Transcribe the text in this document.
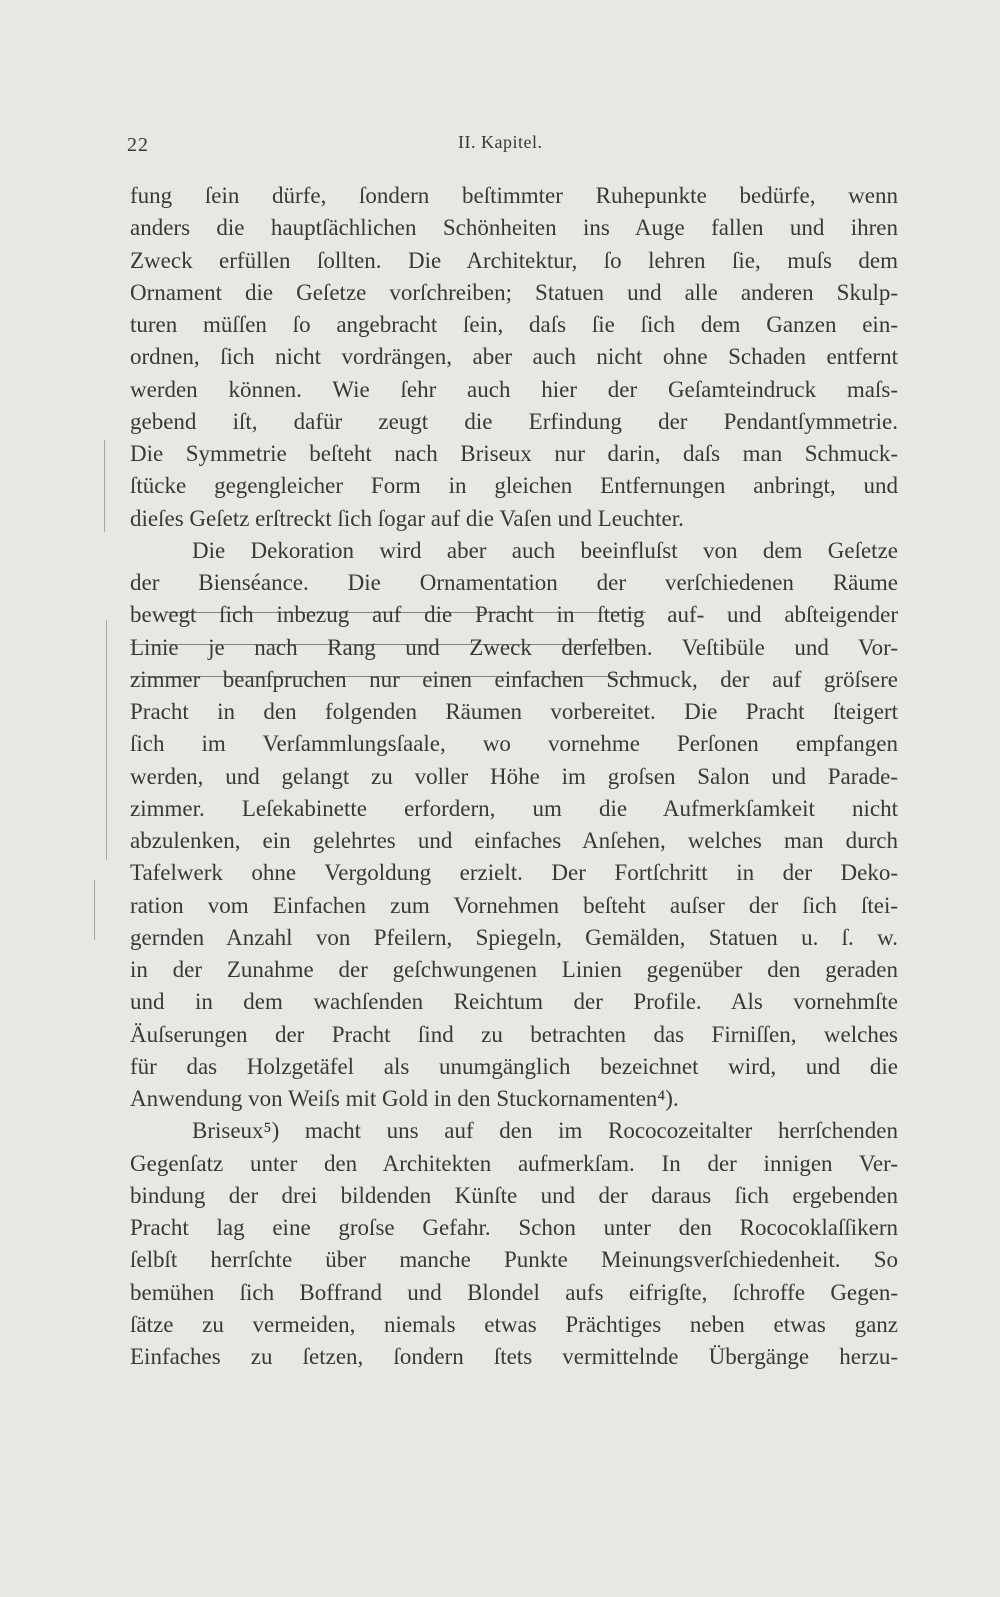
22	II. Kapitel.
fung ſein dürfe, ſondern beſtimmter Ruhepunkte bedürfe, wenn
anders die hauptſächlichen Schönheiten ins Auge fallen und ihren
Zweck erfüllen ſollten. Die Architektur, ſo lehren ſie, muſs dem
Ornament die Geſetze vorſchreiben; Statuen und alle anderen Skulp-
turen müſſen ſo angebracht ſein, daſs ſie ſich dem Ganzen ein-
ordnen, ſich nicht vordrängen, aber auch nicht ohne Schaden entfernt
werden können. Wie ſehr auch hier der Geſamteindruck maſs-
gebend iſt, dafür zeugt die Erfindung der Pendantſymmetrie.
Die Symmetrie beſteht nach Briseux nur darin, daſs man Schmuck-
ſtücke gegengleicher Form in gleichen Entfernungen anbringt, und
dieſes Geſetz erſtreckt ſich ſogar auf die Vaſen und Leuchter.
Die Dekoration wird aber auch beeinfluſst von dem Geſetze
der Bienséance. Die Ornamentation der verſchiedenen Räume
bewegt ſich inbezug auf die Pracht in ſtetig auf- und abſteigender
Linie je nach Rang und Zweck derſelben. Veſtibüle und Vor-
zimmer beanſpruchen nur einen einfachen Schmuck, der auf gröſsere
Pracht in den folgenden Räumen vorbereitet. Die Pracht ſteigert
ſich im Verſammlungsſaale, wo vornehme Perſonen empfangen
werden, und gelangt zu voller Höhe im groſsen Salon und Parade-
zimmer. Leſekabinette erfordern, um die Aufmerkſamkeit nicht
abzulenken, ein gelehrtes und einfaches Anſehen, welches man durch
Tafelwerk ohne Vergoldung erzielt. Der Fortſchritt in der Deko-
ration vom Einfachen zum Vornehmen beſteht auſser der ſich ſtei-
gernden Anzahl von Pfeilern, Spiegeln, Gemälden, Statuen u. ſ. w.
in der Zunahme der geſchwungenen Linien gegenüber den geraden
und in dem wachſenden Reichtum der Profile. Als vornehmſte
Äuſserungen der Pracht ſind zu betrachten das Firniſſen, welches
für das Holzgetäfel als unumgänglich bezeichnet wird, und die
Anwendung von Weiſs mit Gold in den Stuckornamenten⁴).
Briseux⁵) macht uns auf den im Rococozeitalter herrſchenden
Gegenſatz unter den Architekten aufmerkſam. In der innigen Ver-
bindung der drei bildenden Künſte und der daraus ſich ergebenden
Pracht lag eine groſse Gefahr. Schon unter den Rococoklaſſikern
ſelbſt herrſchte über manche Punkte Meinungsverſchiedenheit. So
bemühen ſich Boffrand und Blondel aufs eifrigſte, ſchroffe Gegen-
ſätze zu vermeiden, niemals etwas Prächtiges neben etwas ganz
Einfaches zu ſetzen, ſondern ſtets vermittelnde Übergänge herzu-
